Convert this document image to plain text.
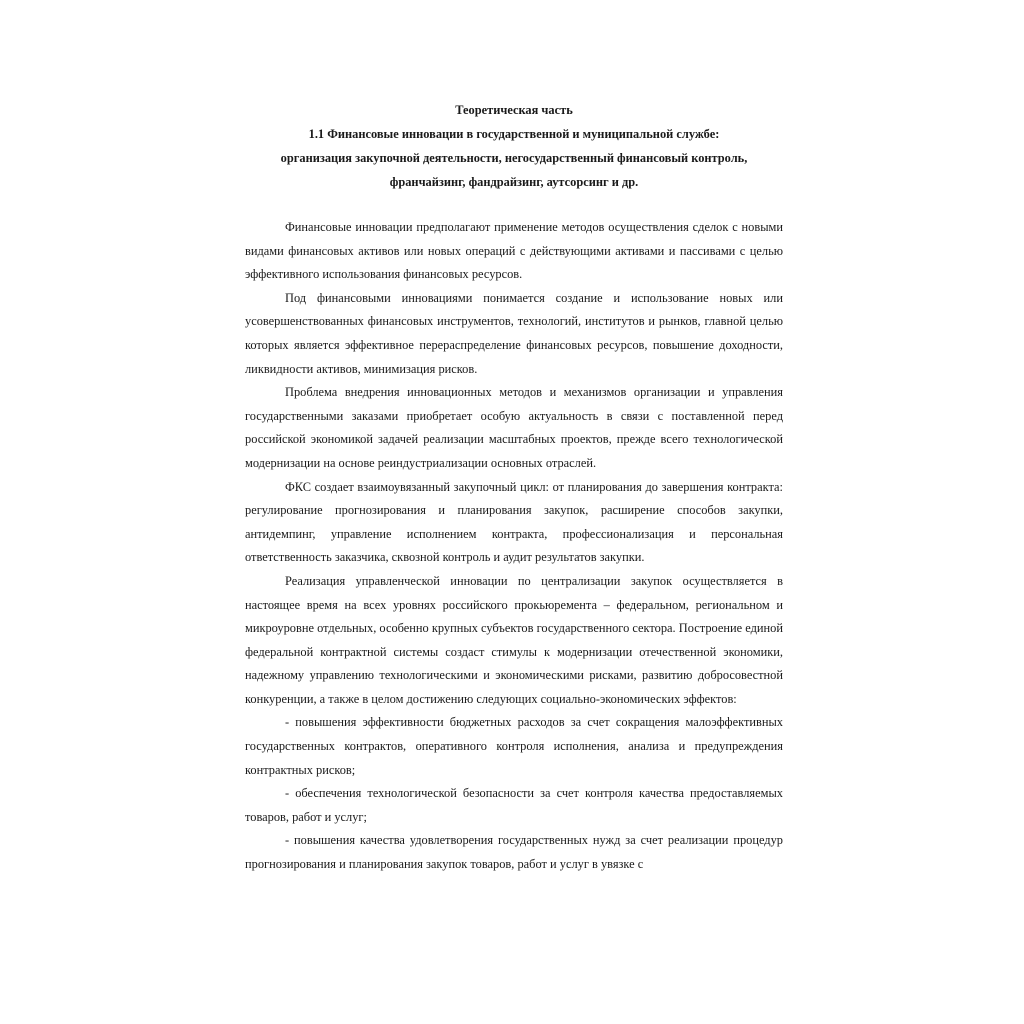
Теоретическая часть
1.1 Финансовые инновации в государственной и муниципальной службе:
организация закупочной деятельности, негосударственный финансовый контроль,
франчайзинг, фандрайзинг, аутсорсинг и др.

Финансовые инновации предполагают применение методов осуществления сделок с новыми видами финансовых активов или новых операций с действующими активами и пассивами с целью эффективного использования финансовых ресурсов.

Под финансовыми инновациями понимается создание и использование новых или усовершенствованных финансовых инструментов, технологий, институтов и рынков, главной целью которых является эффективное перераспределение финансовых ресурсов, повышение доходности, ликвидности активов, минимизация рисков.

Проблема внедрения инновационных методов и механизмов организации и управления государственными заказами приобретает особую актуальность в связи с поставленной перед российской экономикой задачей реализации масштабных проектов, прежде всего технологической модернизации на основе реиндустриализации основных отраслей.

ФКС создает взаимоувязанный закупочный цикл: от планирования до завершения контракта: регулирование прогнозирования и планирования закупок, расширение способов закупки, антидемпинг, управление исполнением контракта, профессионализация и персональная ответственность заказчика, сквозной контроль и аудит результатов закупки.

Реализация управленческой инновации по централизации закупок осуществляется в настоящее время на всех уровнях российского прокьюремента – федеральном, региональном и микроуровне отдельных, особенно крупных субъектов государственного сектора. Построение единой федеральной контрактной системы создаст стимулы к модернизации отечественной экономики, надежному управлению технологическими и экономическими рисками, развитию добросовестной конкуренции, а также в целом достижению следующих социально-экономических эффектов:

- повышения эффективности бюджетных расходов за счет сокращения малоэффективных государственных контрактов, оперативного контроля исполнения, анализа и предупреждения контрактных рисков;

- обеспечения технологической безопасности за счет контроля качества предоставляемых товаров, работ и услуг;

- повышения качества удовлетворения государственных нужд за счет реализации процедур прогнозирования и планирования закупок товаров, работ и услуг в увязке с
